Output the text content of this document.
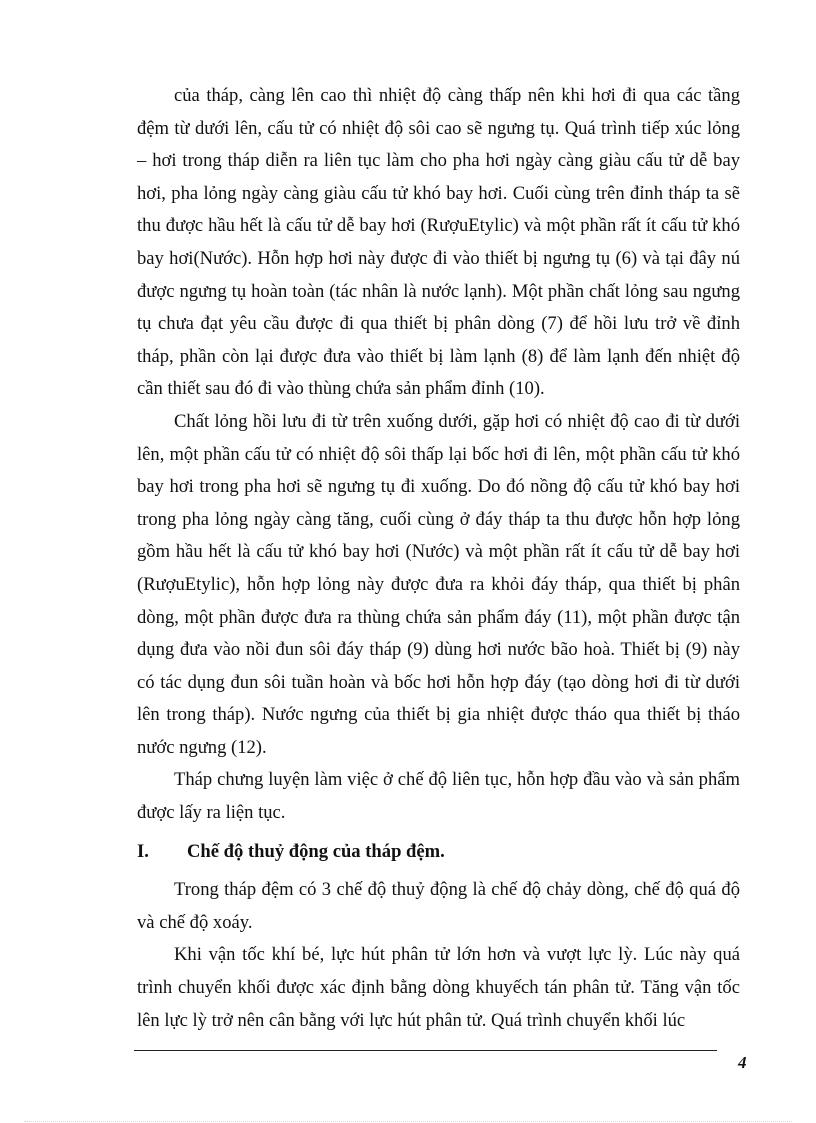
của tháp, càng lên cao thì nhiệt độ càng thấp nên khi hơi đi qua các tầng đệm từ dưới lên, cấu tử có nhiệt độ sôi cao sẽ ngưng tụ. Quá trình tiếp xúc lỏng – hơi trong tháp diễn ra liên tục làm cho pha hơi ngày càng giàu cấu tử dễ bay hơi, pha lỏng ngày càng giàu cấu tử khó bay hơi. Cuối cùng trên đỉnh tháp ta sẽ thu được hầu hết là cấu tử dễ bay hơi (RượuEtylic) và một phần rất ít cấu tử khó bay hơi(Nước). Hỗn hợp hơi này được đi vào thiết bị ngưng tụ (6) và tại đây nú được ngưng tụ hoàn toàn (tác nhân là nước lạnh). Một phần chất lỏng sau ngưng tụ chưa đạt yêu cầu được đi qua thiết bị phân dòng (7) để hồi lưu trở về đỉnh tháp, phần còn lại được đưa vào thiết bị làm lạnh (8) để làm lạnh đến nhiệt độ cần thiết sau đó đi vào thùng chứa sản phẩm đỉnh (10).

Chất lỏng hồi lưu đi từ trên xuống dưới, gặp hơi có nhiệt độ cao đi từ dưới lên, một phần cấu tử có nhiệt độ sôi thấp lại bốc hơi đi lên, một phần cấu tử khó bay hơi trong pha hơi sẽ ngưng tụ đi xuống. Do đó nồng độ cấu tử khó bay hơi trong pha lỏng ngày càng tăng, cuối cùng ở đáy tháp ta thu được hỗn hợp lỏng gồm hầu hết là cấu tử khó bay hơi (Nước) và một phần rất ít cấu tử dễ bay hơi (RượuEtylic), hỗn hợp lỏng này được đưa ra khỏi đáy tháp, qua thiết bị phân dòng, một phần được đưa ra thùng chứa sản phẩm đáy (11), một phần được tận dụng đưa vào nồi đun sôi đáy tháp (9) dùng hơi nước bão hoà. Thiết bị (9) này có tác dụng đun sôi tuần hoàn và bốc hơi hỗn hợp đáy (tạo dòng hơi đi từ dưới lên trong tháp). Nước ngưng của thiết bị gia nhiệt được tháo qua thiết bị tháo nước ngưng (12).

Tháp chưng luyện làm việc ở chế độ liên tục, hỗn hợp đầu vào và sản phẩm được lấy ra liện tục.

I.	Chế độ thuỷ động của tháp đệm.

Trong tháp đệm có 3 chế độ thuỷ động là chế độ chảy dòng, chế độ quá độ và chế độ xoáy.

Khi vận tốc khí bé, lực hút phân tử lớn hơn và vượt lực lỳ. Lúc này quá trình chuyển khối được xác định bằng dòng khuyếch tán phân tử. Tăng vận tốc lên lực lỳ trở nên cân bằng với lực hút phân tử. Quá trình chuyển khối lúc

4
